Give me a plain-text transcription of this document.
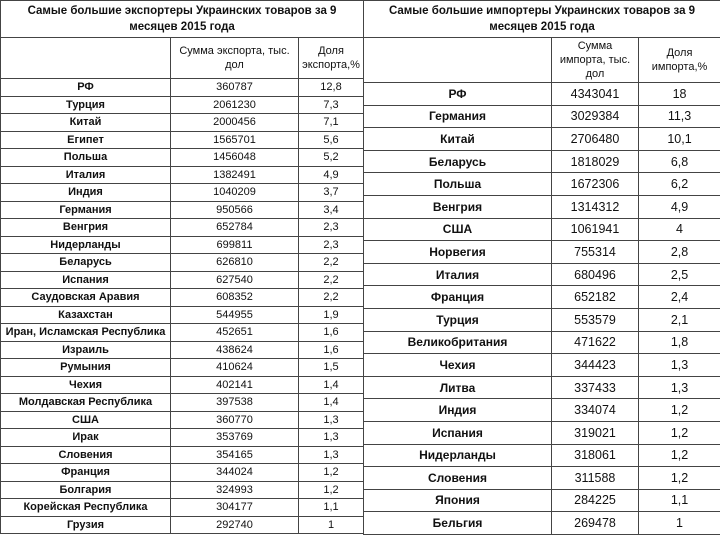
Самые большие экспортеры Украинских товаров за 9 месяцев 2015 года		
	Сумма экспорта, тыс. дол	Доля экспорта,%
РФ	360787	12,8
Турция	2061230	7,3
Китай	2000456	7,1
Египет	1565701	5,6
Польша	1456048	5,2
Италия	1382491	4,9
Индия	1040209	3,7
Германия	950566	3,4
Венгрия	652784	2,3
Нидерланды	699811	2,3
Беларусь	626810	2,2
Испания	627540	2,2
Саудовская Аравия	608352	2,2
Казахстан	544955	1,9
Иран, Исламская Республика	452651	1,6
Израиль	438624	1,6
Румыния	410624	1,5
Чехия	402141	1,4
Молдавская Республика	397538	1,4
США	360770	1,3
Ирак	353769	1,3
Словения	354165	1,3
Франция	344024	1,2
Болгария	324993	1,2
Корейская Республика	304177	1,1
Грузия	292740	1
Самые большие импортеры Украинских товаров за 9 месяцев 2015 года		
	Сумма импорта, тыс. дол	Доля импорта,%
РФ	4343041	18
Германия	3029384	11,3
Китай	2706480	10,1
Беларусь	1818029	6,8
Польша	1672306	6,2
Венгрия	1314312	4,9
США	1061941	4
Норвегия	755314	2,8
Италия	680496	2,5
Франция	652182	2,4
Турция	553579	2,1
Великобритания	471622	1,8
Чехия	344423	1,3
Литва	337433	1,3
Индия	334074	1,2
Испания	319021	1,2
Нидерланды	318061	1,2
Словения	311588	1,2
Япония	284225	1,1
Бельгия	269478	1
